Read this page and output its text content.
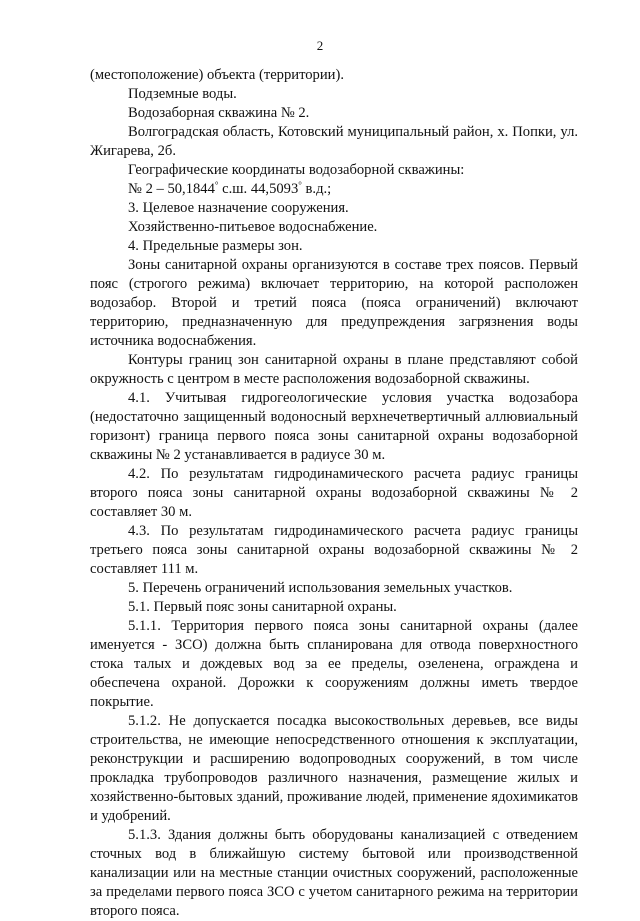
2

(местоположение) объекта (территории).

Подземные воды.

Водозаборная скважина № 2.

Волгоградская область, Котовский муниципальный район, х. Попки, ул. Жигарева, 2б.

Географические координаты водозаборной скважины:

№ 2 – 50,1844° с.ш. 44,5093° в.д.;

3. Целевое назначение сооружения.

Хозяйственно-питьевое водоснабжение.

4. Предельные размеры зон.

Зоны санитарной охраны организуются в составе трех поясов. Первый пояс (строгого режима) включает территорию, на которой расположен водозабор. Второй и третий пояса (пояса ограничений) включают территорию, предназначенную для предупреждения загрязнения воды источника водоснабжения.

Контуры границ зон санитарной охраны в плане представляют собой окружность с центром в месте расположения водозаборной скважины.

4.1. Учитывая гидрогеологические условия участка водозабора (недостаточно защищенный водоносный верхнечетвертичный аллювиальный горизонт) граница первого пояса зоны санитарной охраны водозаборной скважины № 2 устанавливается в радиусе 30 м.

4.2. По результатам гидродинамического расчета радиус границы второго пояса зоны санитарной охраны водозаборной скважины № 2 составляет 30 м.

4.3. По результатам гидродинамического расчета радиус границы третьего пояса зоны санитарной охраны водозаборной скважины № 2 составляет 111 м.

5. Перечень ограничений использования земельных участков.

5.1. Первый пояс зоны санитарной охраны.

5.1.1. Территория первого пояса зоны санитарной охраны (далее именуется - ЗСО) должна быть спланирована для отвода поверхностного стока талых и дождевых вод за ее пределы, озеленена, ограждена и обеспечена охраной. Дорожки к сооружениям должны иметь твердое покрытие.

5.1.2. Не допускается посадка высокоствольных деревьев, все виды строительства, не имеющие непосредственного отношения к эксплуатации, реконструкции и расширению водопроводных сооружений, в том числе прокладка трубопроводов различного назначения, размещение жилых и хозяйственно-бытовых зданий, проживание людей, применение ядохимикатов и удобрений.

5.1.3. Здания должны быть оборудованы канализацией с отведением сточных вод в ближайшую систему бытовой или производственной канализации или на местные станции очистных сооружений, расположенные за пределами первого пояса ЗСО с учетом санитарного режима на территории второго пояса.
